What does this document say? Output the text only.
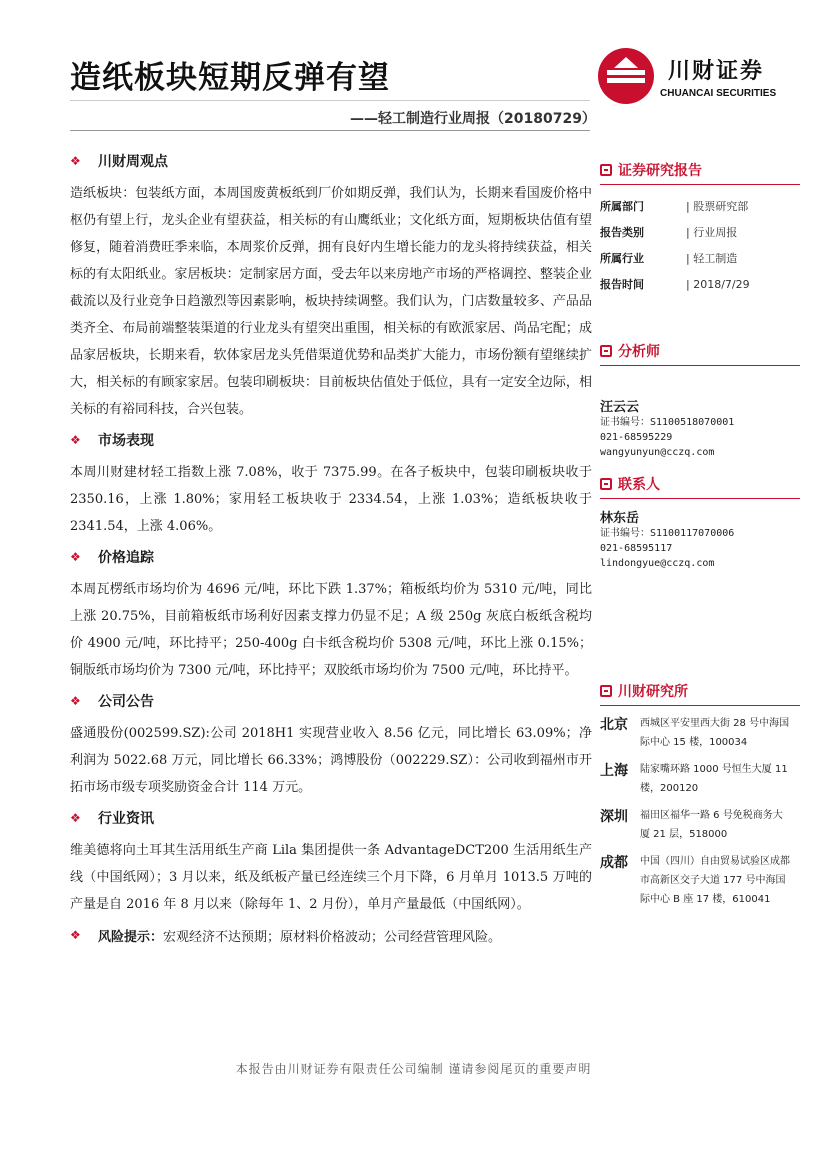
造纸板块短期反弹有望
——轻工制造行业周报（20180729）
川财证券
CHUANCAI SECURITIES
❖	川财周观点

造纸板块：包装纸方面，本周国废黄板纸到厂价如期反弹，我们认为，长期来看国废价格中枢仍有望上行，龙头企业有望获益，相关标的有山鹰纸业；文化纸方面，短期板块估值有望修复，随着消费旺季来临，本周浆价反弹，拥有良好内生增长能力的龙头将持续获益，相关标的有太阳纸业。家居板块：定制家居方面，受去年以来房地产市场的严格调控、整装企业截流以及行业竞争日趋激烈等因素影响，板块持续调整。我们认为，门店数量较多、产品品类齐全、布局前端整装渠道的行业龙头有望突出重围，相关标的有欧派家居、尚品宅配；成品家居板块，长期来看，软体家居龙头凭借渠道优势和品类扩大能力，市场份额有望继续扩大，相关标的有顾家家居。包装印刷板块：目前板块估值处于低位，具有一定安全边际，相关标的有裕同科技，合兴包装。

❖	市场表现

本周川财建材轻工指数上涨 7.08%，收于 7375.99。在各子板块中，包装印刷板块收于 2350.16，上涨 1.80%；家用轻工板块收于 2334.54，上涨 1.03%；造纸板块收于 2341.54，上涨 4.06%。

❖	价格追踪

本周瓦楞纸市场均价为 4696 元/吨，环比下跌 1.37%；箱板纸均价为 5310 元/吨，同比上涨 20.75%，目前箱板纸市场利好因素支撑力仍显不足；A 级 250g 灰底白板纸含税均价 4900 元/吨，环比持平；250-400g 白卡纸含税均价 5308 元/吨，环比上涨 0.15%；铜版纸市场均价为 7300 元/吨，环比持平；双胶纸市场均价为 7500 元/吨，环比持平。

❖	公司公告

盛通股份(002599.SZ):公司 2018H1 实现营业收入 8.56 亿元，同比增长 63.09%；净利润为 5022.68 万元，同比增长 66.33%；鸿博股份（002229.SZ）：公司收到福州市开拓市场市级专项奖励资金合计 114 万元。

❖	行业资讯

维美德将向土耳其生活用纸生产商 Lila 集团提供一条 AdvantageDCT200 生活用纸生产线（中国纸网）；3 月以来，纸及纸板产量已经连续三个月下降，6 月单月 1013.5 万吨的产量是自 2016 年 8 月以来（除每年 1、2 月份），单月产量最低（中国纸网）。

❖	风险提示： 宏观经济不达预期；原材料价格波动；公司经营管理风险。
证券研究报告
所属部门	| 股票研究部
报告类别	| 行业周报
所属行业	| 轻工制造
报告时间	| 2018/7/29
分析师
汪云云
证书编号：S1100518070001
021-68595229
wangyunyun@cczq.com
联系人
林东岳
证书编号：S1100117070006
021-68595117
lindongyue@cczq.com
川财研究所
北京	西城区平安里西大街 28 号中海国际中心 15 楼，100034
上海	陆家嘴环路 1000 号恒生大厦 11 楼，200120
深圳	福田区福华一路 6 号免税商务大厦 21 层，518000
成都	中国（四川）自由贸易试验区成都市高新区交子大道 177 号中海国际中心 B 座 17 楼，610041
本报告由川财证券有限责任公司编制 谨请参阅尾页的重要声明
